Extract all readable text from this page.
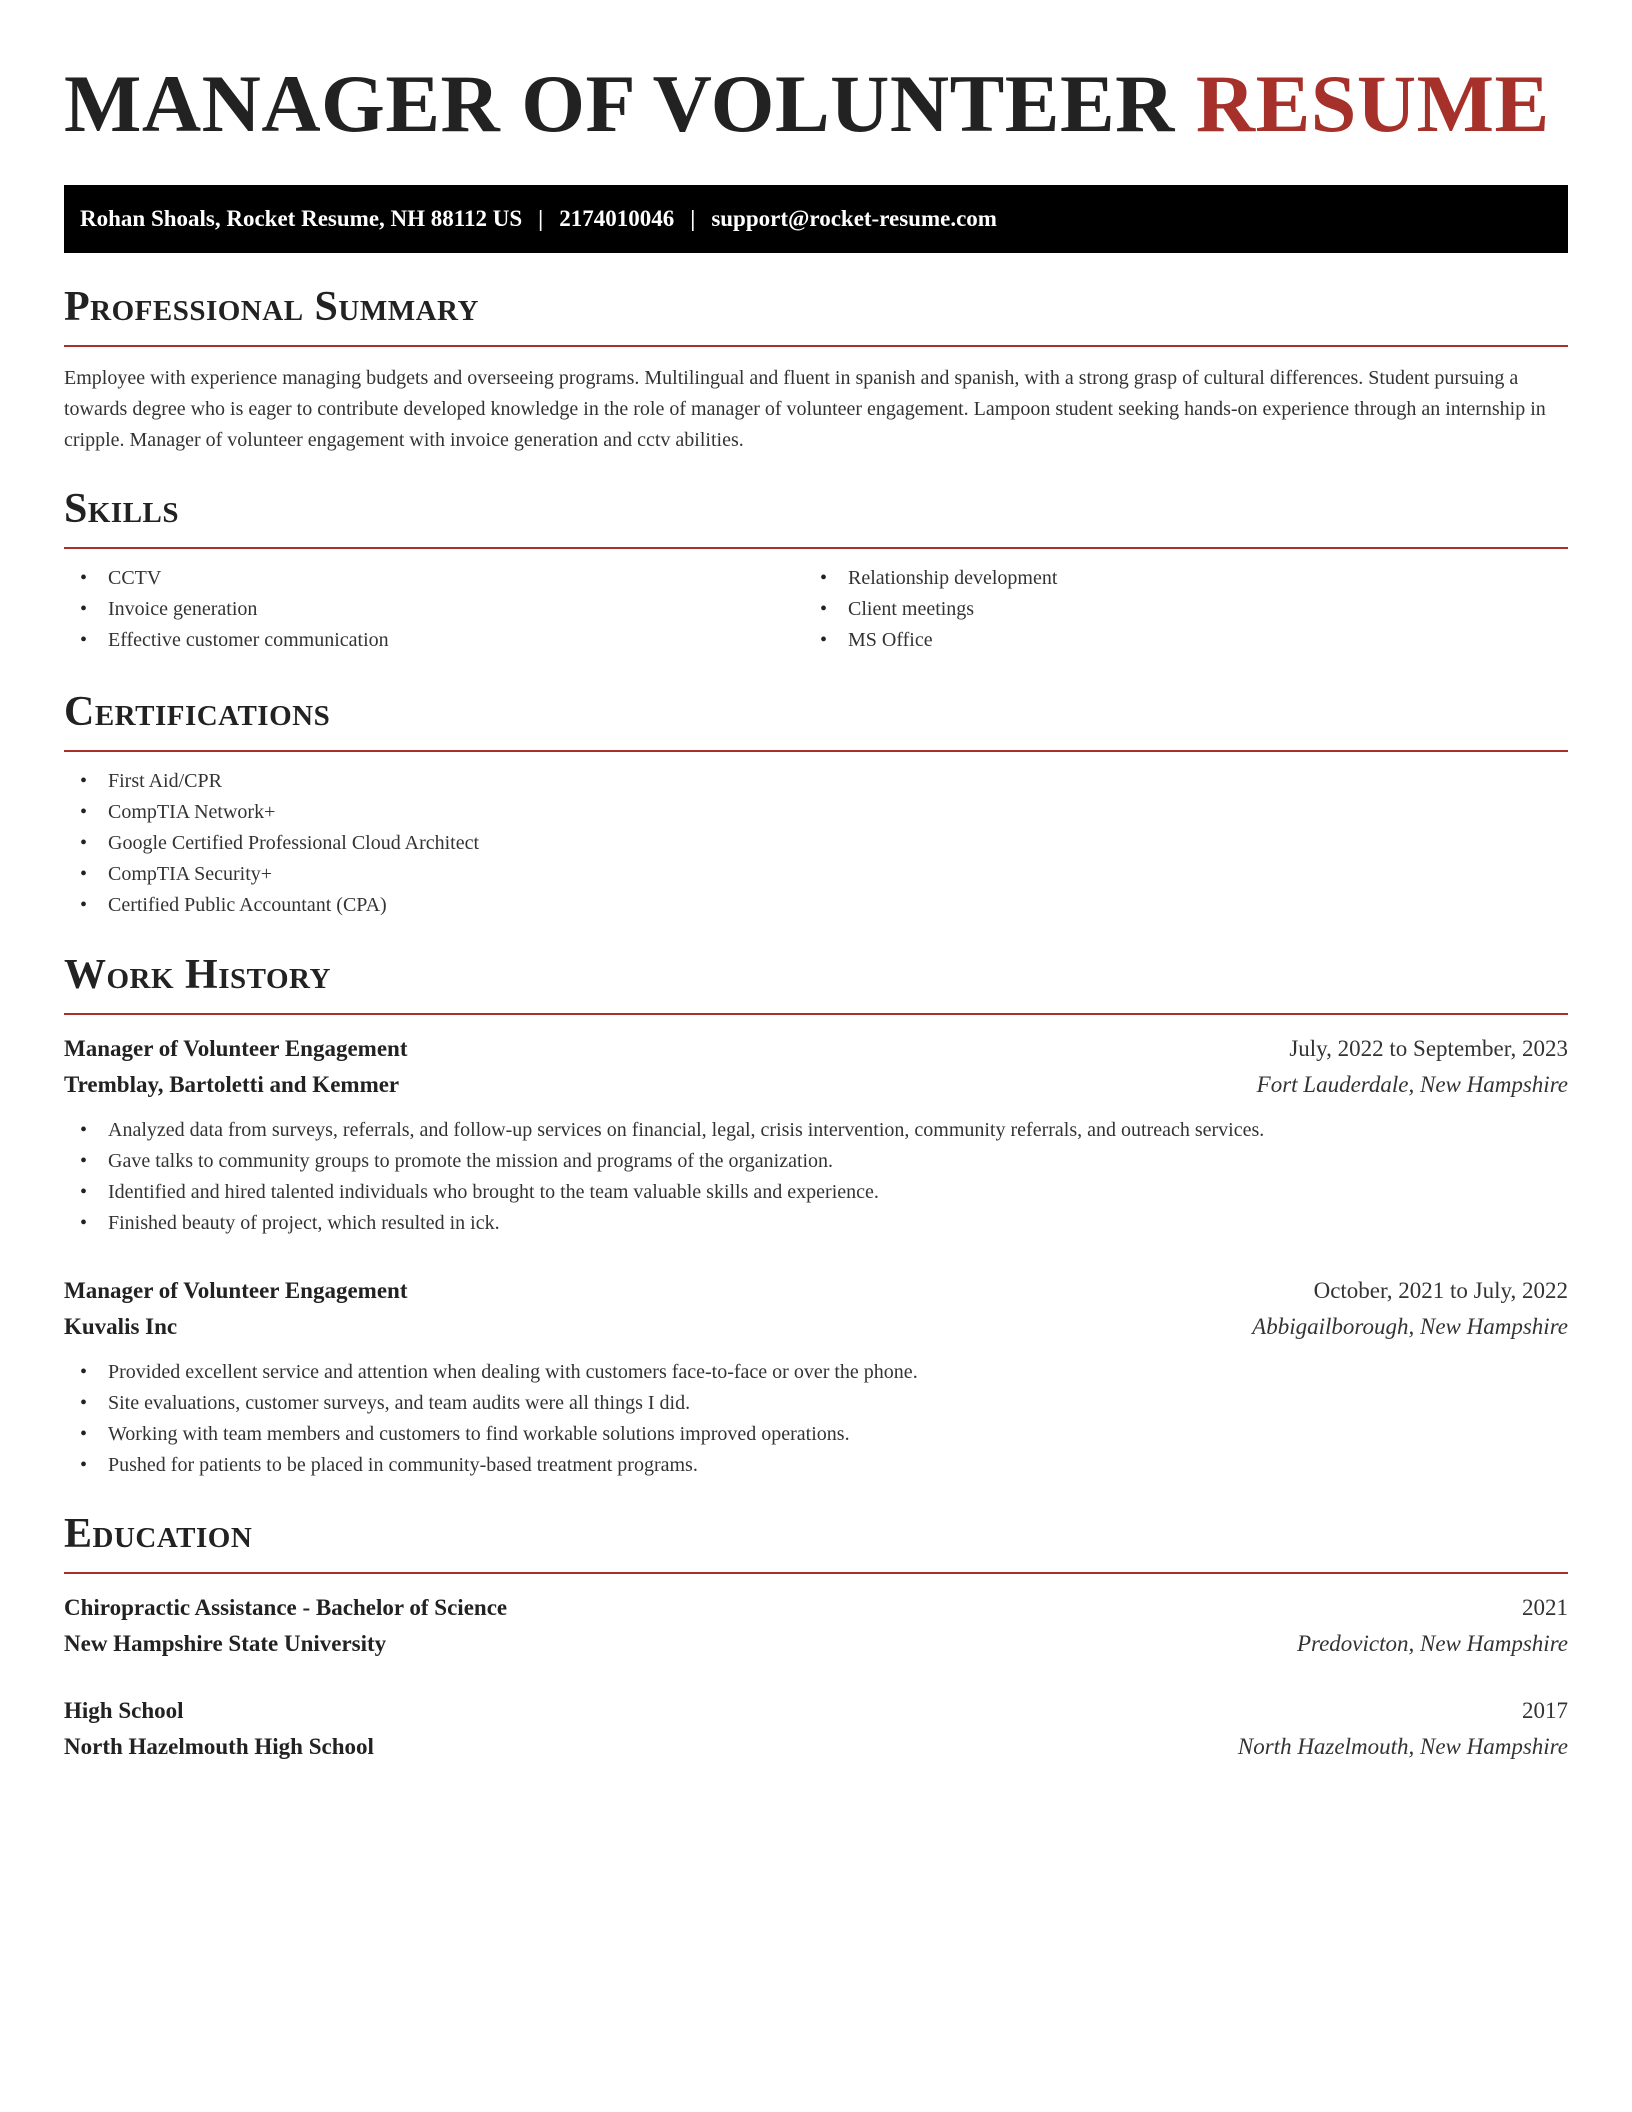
MANAGER OF VOLUNTEER RESUME
Rohan Shoals, Rocket Resume, NH 88112 US | 2174010046 | support@rocket-resume.com
Professional Summary
Employee with experience managing budgets and overseeing programs. Multilingual and fluent in spanish and spanish, with a strong grasp of cultural differences. Student pursuing a towards degree who is eager to contribute developed knowledge in the role of manager of volunteer engagement. Lampoon student seeking hands-on experience through an internship in cripple. Manager of volunteer engagement with invoice generation and cctv abilities.
Skills
• CCTV
• Invoice generation
• Effective customer communication
• Relationship development
• Client meetings
• MS Office
Certifications
• First Aid/CPR
• CompTIA Network+
• Google Certified Professional Cloud Architect
• CompTIA Security+
• Certified Public Accountant (CPA)
Work History
Manager of Volunteer Engagement	July, 2022 to September, 2023
Tremblay, Bartoletti and Kemmer	Fort Lauderdale, New Hampshire
• Analyzed data from surveys, referrals, and follow-up services on financial, legal, crisis intervention, community referrals, and outreach services.
• Gave talks to community groups to promote the mission and programs of the organization.
• Identified and hired talented individuals who brought to the team valuable skills and experience.
• Finished beauty of project, which resulted in ick.
Manager of Volunteer Engagement	October, 2021 to July, 2022
Kuvalis Inc	Abbigailborough, New Hampshire
• Provided excellent service and attention when dealing with customers face-to-face or over the phone.
• Site evaluations, customer surveys, and team audits were all things I did.
• Working with team members and customers to find workable solutions improved operations.
• Pushed for patients to be placed in community-based treatment programs.
Education
Chiropractic Assistance - Bachelor of Science	2021
New Hampshire State University	Predovicton, New Hampshire
High School	2017
North Hazelmouth High School	North Hazelmouth, New Hampshire
